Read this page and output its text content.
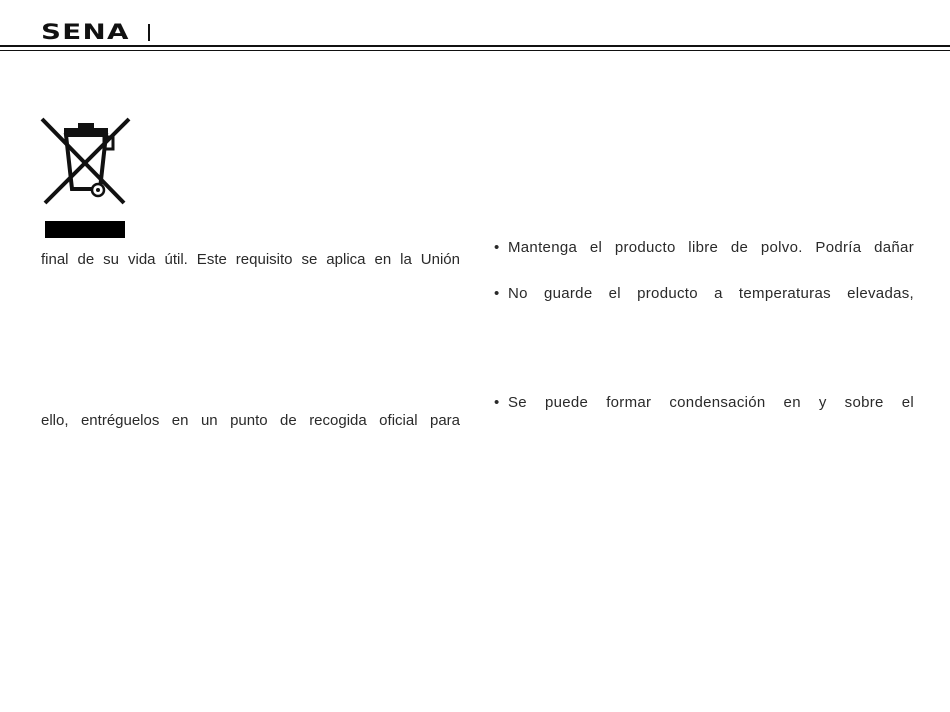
SENA
final de su vida útil. Este requisito se aplica en la Unión
ello, entréguelos en un punto de recogida oficial para
• Mantenga el producto libre de polvo. Podría dañar
• No guarde el producto a temperaturas elevadas,
• Se puede formar condensación en y sobre el
